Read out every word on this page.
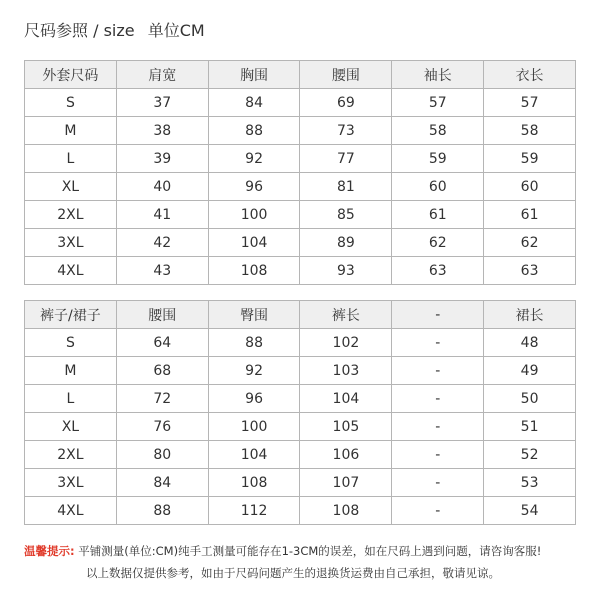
尺码参照 / size 单位CM
外套尺码	肩宽	胸围	腰围	袖长	衣长
S	37	84	69	57	57
M	38	88	73	58	58
L	39	92	77	59	59
XL	40	96	81	60	60
2XL	41	100	85	61	61
3XL	42	104	89	62	62
4XL	43	108	93	63	63
裤子/裙子	腰围	臀围	裤长	-	裙长
S	64	88	102	-	48
M	68	92	103	-	49
L	72	96	104	-	50
XL	76	100	105	-	51
2XL	80	104	106	-	52
3XL	84	108	107	-	53
4XL	88	112	108	-	54
温馨提示: 平铺测量(单位:CM)纯手工测量可能存在1-3CM的误差，如在尺码上遇到问题，请咨询客服!
以上数据仅提供参考，如由于尺码问题产生的退换货运费由自己承担，敬请见谅。
